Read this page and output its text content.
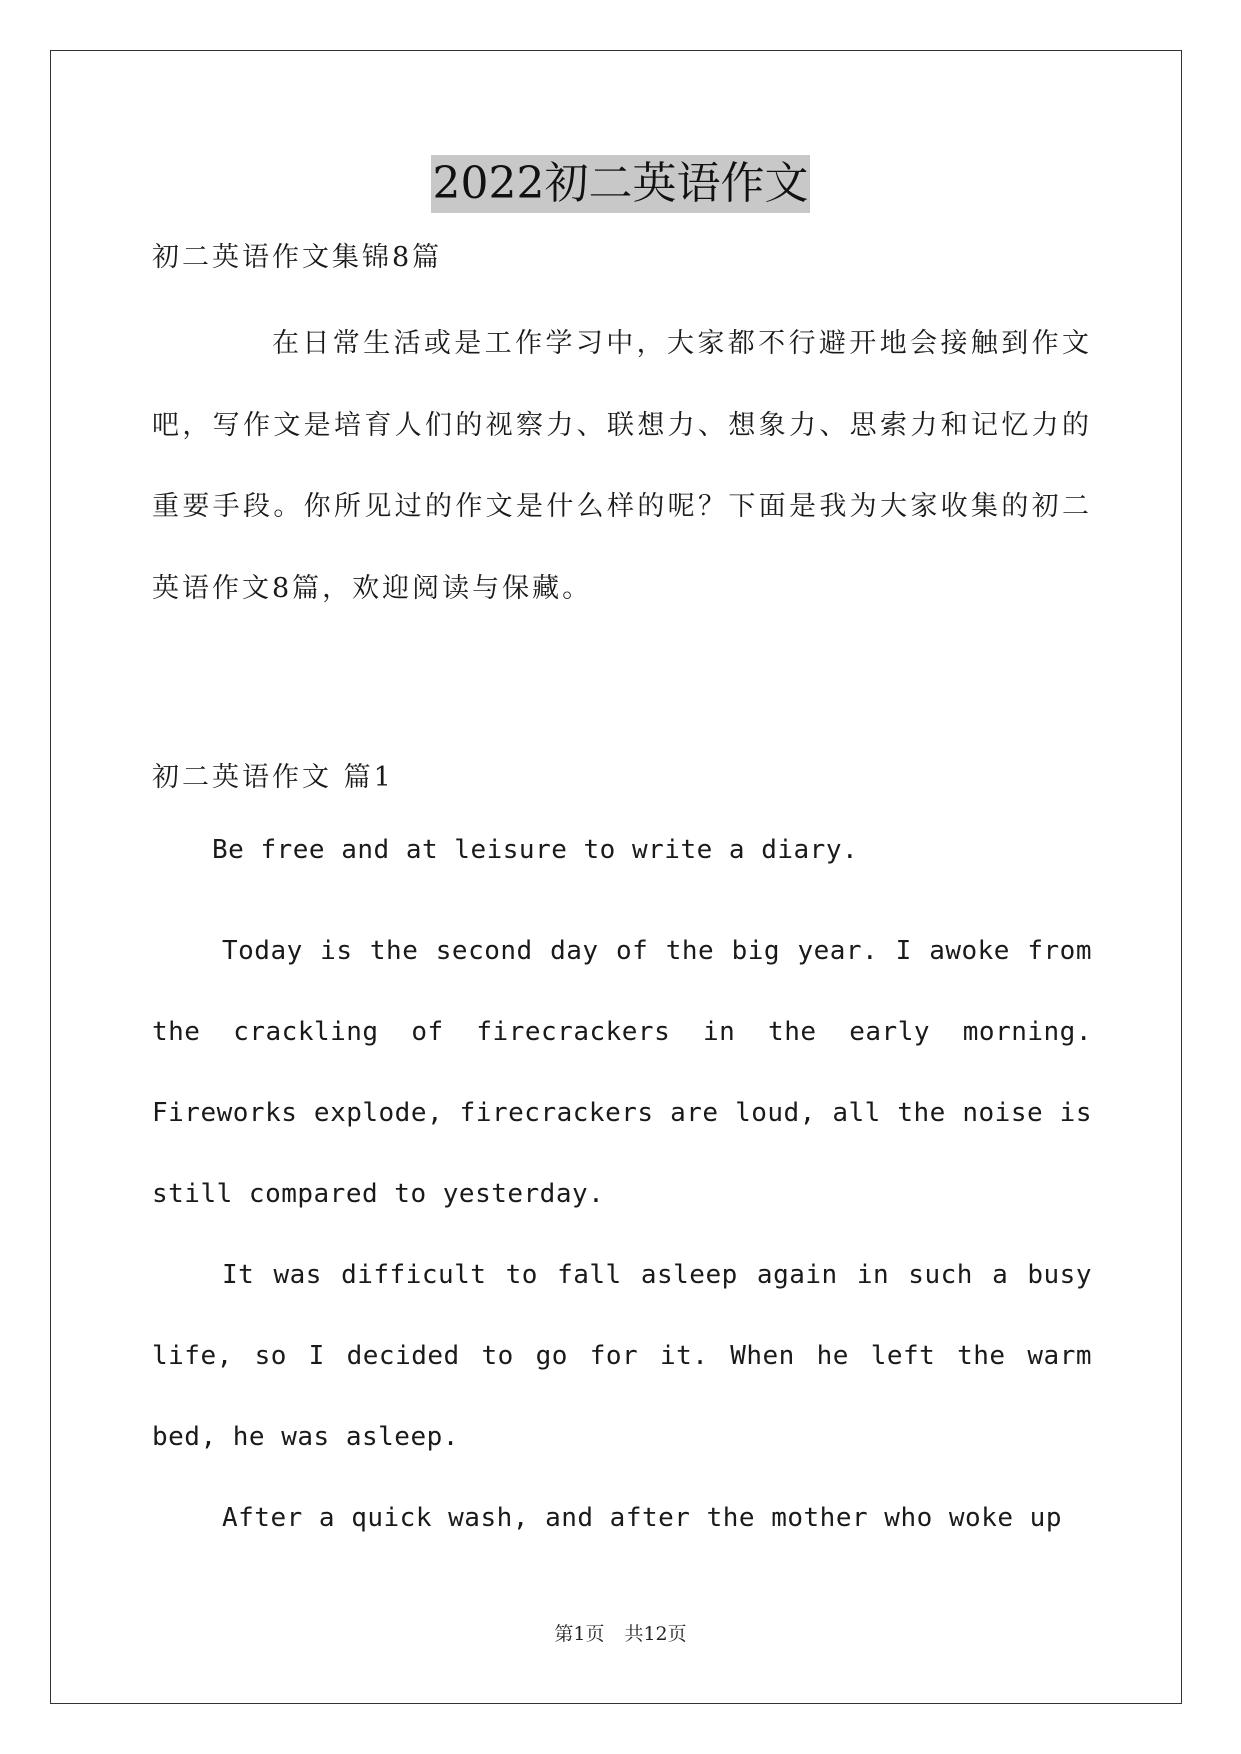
2022初二英语作文

初二英语作文集锦8篇

在日常生活或是工作学习中，大家都不行避开地会接触到作文吧，写作文是培育人们的视察力、联想力、想象力、思索力和记忆力的重要手段。你所见过的作文是什么样的呢？下面是我为大家收集的初二英语作文8篇，欢迎阅读与保藏。

初二英语作文 篇1

Be free and at leisure to write a diary.

Today is the second day of the big year. I awoke from the crackling of firecrackers in the early morning. Fireworks explode, firecrackers are loud, all the noise is still compared to yesterday.

It was difficult to fall asleep again in such a busy life, so I decided to go for it. When he left the warm bed, he was asleep.

After a quick wash, and after the mother who woke up

第1页 共12页
